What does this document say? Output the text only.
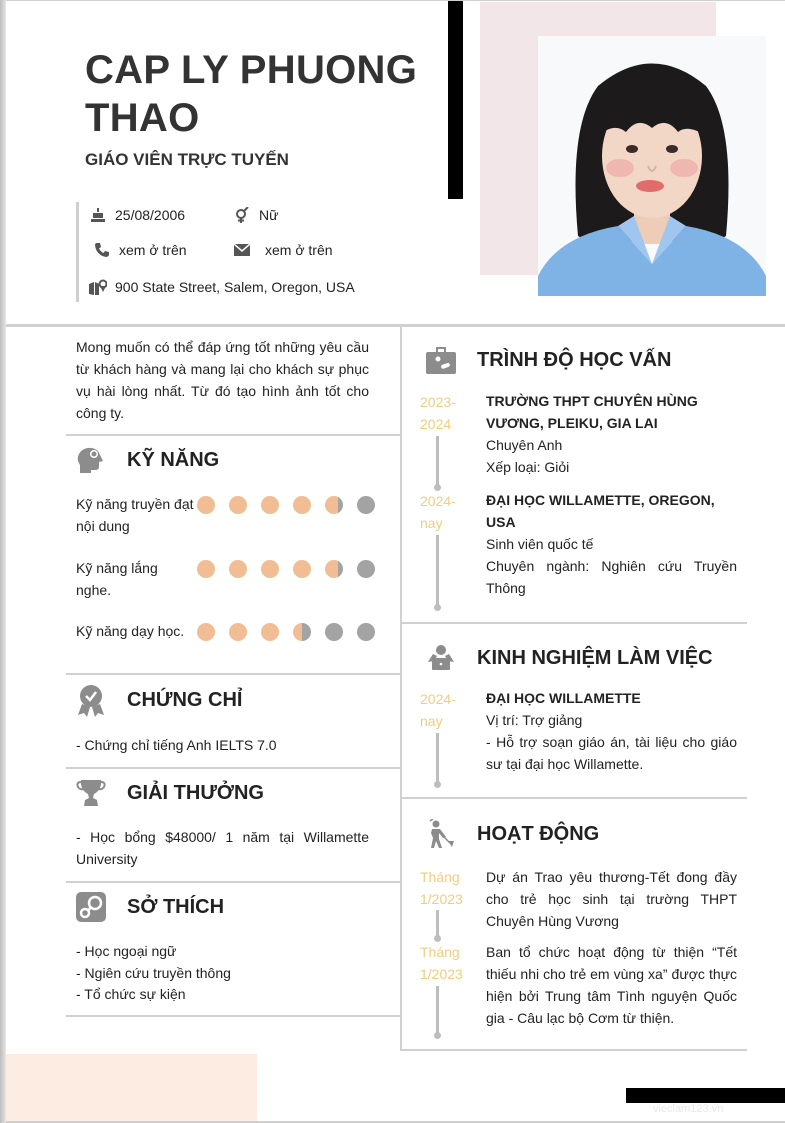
CAP LY PHUONG THAO
GIÁO VIÊN TRỰC TUYẾN
25/08/2006	Nữ
xem ở trên	xem ở trên
900 State Street, Salem, Oregon, USA
Mong muốn có thể đáp ứng tốt những yêu cầu từ khách hàng và mang lại cho khách sự phục vụ hài lòng nhất. Từ đó tạo hình ảnh tốt cho công ty.
KỸ NĂNG
Kỹ năng truyền đạt nội dung
Kỹ năng lắng nghe.
Kỹ năng dạy học.
CHỨNG CHỈ
- Chứng chỉ tiếng Anh IELTS 7.0
GIẢI THƯỞNG
- Học bổng $48000/ 1 năm tại Willamette University
SỞ THÍCH
- Học ngoại ngữ
- Ngiên cứu truyền thông
- Tổ chức sự kiện
TRÌNH ĐỘ HỌC VẤN
2023- 2024
TRƯỜNG THPT CHUYÊN HÙNG VƯƠNG, PLEIKU, GIA LAI
Chuyên Anh
Xếp loại: Giỏi
2024- nay
ĐẠI HỌC WILLAMETTE, OREGON, USA
Sinh viên quốc tế
Chuyên ngành: Nghiên cứu Truyền Thông
KINH NGHIỆM LÀM VIỆC
2024- nay
ĐẠI HỌC WILLAMETTE
Vị trí: Trợ giảng
- Hỗ trợ soạn giáo án, tài liệu cho giáo sư tại đại học Willamette.
HOẠT ĐỘNG
Tháng 1/2023
Dự án Trao yêu thương-Tết đong đầy cho trẻ học sinh tại trường THPT Chuyên Hùng Vương
Tháng 1/2023
Ban tổ chức hoạt động từ thiện “Tết thiếu nhi cho trẻ em vùng xa” được thực hiện bởi Trung tâm Tình nguyện Quốc gia - Câu lạc bộ Cơm từ thiện.
vieclam123.vn
